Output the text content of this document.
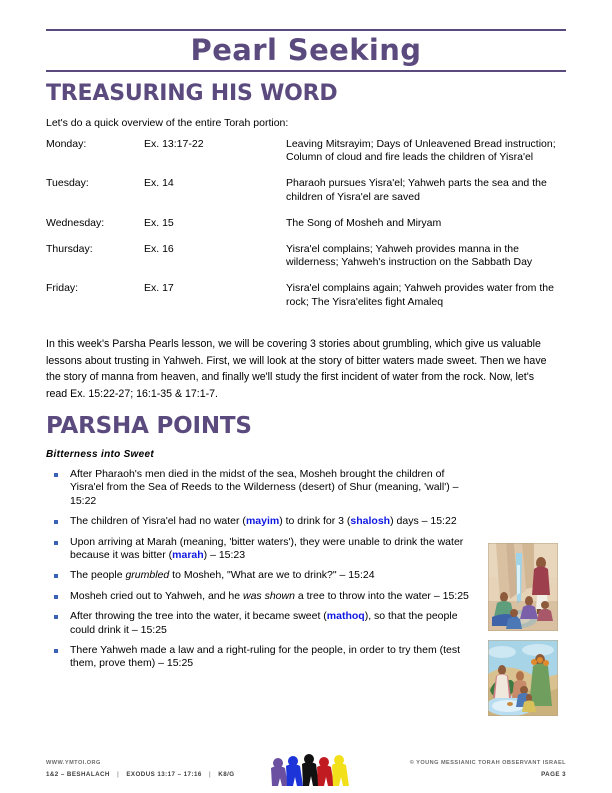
Pearl Seeking
TREASURING HIS WORD
Let's do a quick overview of the entire Torah portion:
Monday:	Ex. 13:17-22	Leaving Mitsrayim; Days of Unleavened Bread instruction; Column of cloud and fire leads the children of Yisra'el
Tuesday:	Ex. 14	Pharaoh pursues Yisra'el; Yahweh parts the sea and the children of Yisra'el are saved
Wednesday:	Ex. 15	The Song of Mosheh and Miryam
Thursday:	Ex. 16	Yisra'el complains; Yahweh provides manna in the wilderness; Yahweh's instruction on the Sabbath Day
Friday:	Ex. 17	Yisra'el complains again; Yahweh provides water from the rock; The Yisra'elites fight Amaleq
In this week's Parsha Pearls lesson, we will be covering 3 stories about grumbling, which give us valuable lessons about trusting in Yahweh. First, we will look at the story of bitter waters made sweet. Then we have the story of manna from heaven, and finally we'll study the first incident of water from the rock. Now, let's read Ex. 15:22-27; 16:1-35 & 17:1-7.
PARSHA POINTS
Bitterness into Sweet
After Pharaoh's men died in the midst of the sea, Mosheh brought the children of Yisra'el from the Sea of Reeds to the Wilderness (desert) of Shur (meaning, 'wall') – 15:22
The children of Yisra'el had no water (mayim) to drink for 3 (shalosh) days – 15:22
Upon arriving at Marah (meaning, 'bitter waters'), they were unable to drink the water because it was bitter (marah) – 15:23
The people grumbled to Mosheh, "What are we to drink?" – 15:24
Mosheh cried out to Yahweh, and he was shown a tree to throw into the water – 15:25
After throwing the tree into the water, it became sweet (mathoq), so that the people could drink it – 15:25
There Yahweh made a law and a right-ruling for the people, in order to try them (test them, prove them) – 15:25
WWW.YMTOI.ORG
1&2 – BESHALACH | EXODUS 13:17 – 17:16 | K8/G
© YOUNG MESSIANIC TORAH OBSERVANT ISRAEL
PAGE 3
